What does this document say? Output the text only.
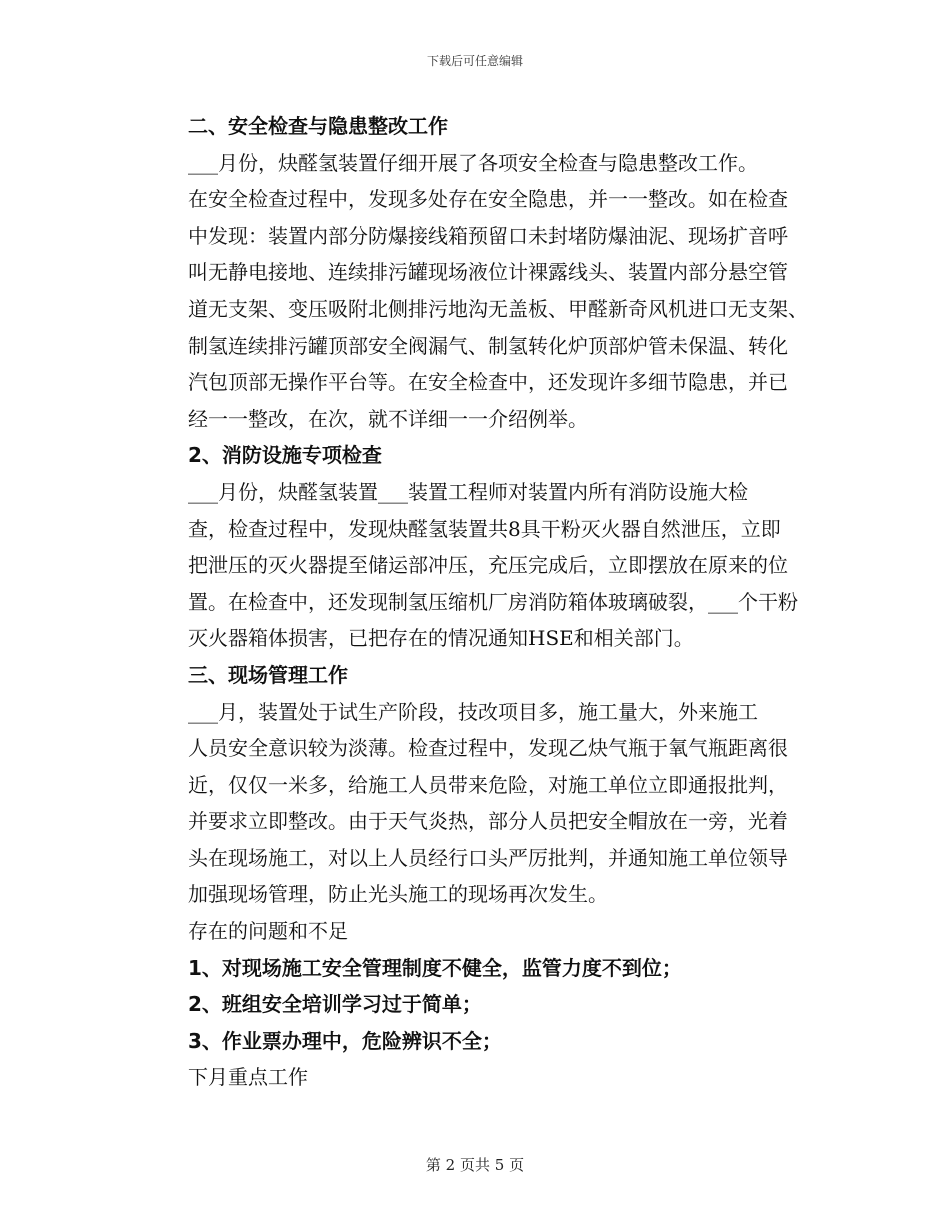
下载后可任意编辑

二、安全检查与隐患整改工作

___月份，炔醛氢装置仔细开展了各项安全检查与隐患整改工作。
在安全检查过程中，发现多处存在安全隐患，并一一整改。如在检查
中发现：装置内部分防爆接线箱预留口未封堵防爆油泥、现场扩音呼
叫无静电接地、连续排污罐现场液位计裸露线头、装置内部分悬空管
道无支架、变压吸附北侧排污地沟无盖板、甲醛新奇风机进口无支架、
制氢连续排污罐顶部安全阀漏气、制氢转化炉顶部炉管未保温、转化
汽包顶部无操作平台等。在安全检查中，还发现许多细节隐患，并已
经一一整改，在次，就不详细一一介绍例举。

2、消防设施专项检查

___月份，炔醛氢装置___装置工程师对装置内所有消防设施大检
查，检查过程中，发现炔醛氢装置共8具干粉灭火器自然泄压，立即
把泄压的灭火器提至储运部冲压，充压完成后，立即摆放在原来的位
置。在检查中，还发现制氢压缩机厂房消防箱体玻璃破裂，___个干粉
灭火器箱体损害，已把存在的情况通知HSE和相关部门。

三、现场管理工作

___月，装置处于试生产阶段，技改项目多，施工量大，外来施工
人员安全意识较为淡薄。检查过程中，发现乙炔气瓶于氧气瓶距离很
近，仅仅一米多，给施工人员带来危险，对施工单位立即通报批判，
并要求立即整改。由于天气炎热，部分人员把安全帽放在一旁，光着
头在现场施工，对以上人员经行口头严厉批判，并通知施工单位领导
加强现场管理，防止光头施工的现场再次发生。

存在的问题和不足

1、对现场施工安全管理制度不健全，监管力度不到位；

2、班组安全培训学习过于简单；

3、作业票办理中，危险辨识不全；

下月重点工作

第 2 页共 5 页
